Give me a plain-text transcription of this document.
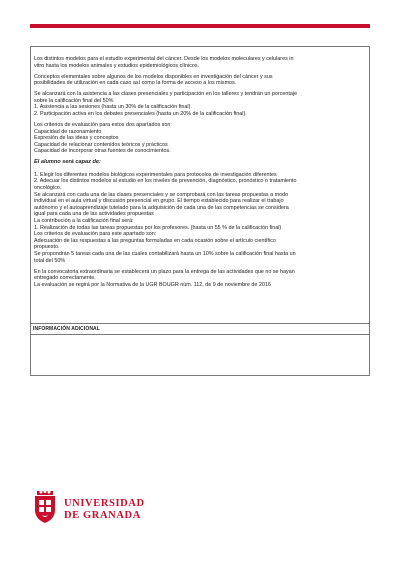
Los distintos modelos para el estudio experimental del cáncer. Desde los modelos moleculares y celulares in
vitro hasta los modelos animales y estudios epidemiológicos clínicos.

Conceptos elementales sobre algunos de los modelos disponibles en investigación del cáncer y sus
posibilidades de utilización en cada caso así como la forma de acceso a los mismos.

Se alcanzará con la asistencia a las clases presenciales y participación en los talleres y tendrán un porcentaje
sobre la calificación final del 50%
1. Asistencia a las sesiones (hasta un 30% de la calificación final).
2. Participación activa en los debates presenciales (hasta un 20% de la calificación final).

Los criterios de evaluación para estos dos apartados son:
Capacidad de razonamiento
Expresión de las ideas y conceptos
Capacidad de relacionar contenidos teóricos y prácticos
Capacidad de incorporar otras fuentes de conocimientos.

El alumno será capaz de:

1. Elegir los diferentes modelos biológicos experimentales para protocolos de investigación diferentes
2. Adecuar los distintos modelos al estudio en los niveles de prevención, diagnóstico, pronóstico o tratamiento
oncológico.
Se alcanzará con cada una de las clases presenciales y se comprobará con las tareas propuestas a modo
individual en el aula virtual y discusión presencial en grupo. El tiempo establecido para realizar el trabajo
autónomo y el autoaprendizaje tutelado para la adquisición de cada una de las competencias se considera
igual para cada una de las actividades propuestas
La contribución a la calificación final será:
1. Realización de todas las tareas propuestas por los profesores. (hasta un 55 % de la calificación final)
Los criterios de evaluación para este apartado son:
Adecuación de las respuestas a las preguntas formuladas en cada ocasión sobre el artículo científico
propuesto.
Se propondrán 5 tareas cada una de las cuales contabilizará hasta un 10% sobre la calificación final hasta un
total del 50%

En la convocatoria extraordinaria se establecerá un plazo para la entrega de las actividades que no se hayan
entregado correctamente.
La evaluación se regirá por la Normativa de la UGR BOUGR núm. 112, de 9 de noviembre de 2016

INFORMACIÓN ADICIONAL
UNIVERSIDAD
DE GRANADA
